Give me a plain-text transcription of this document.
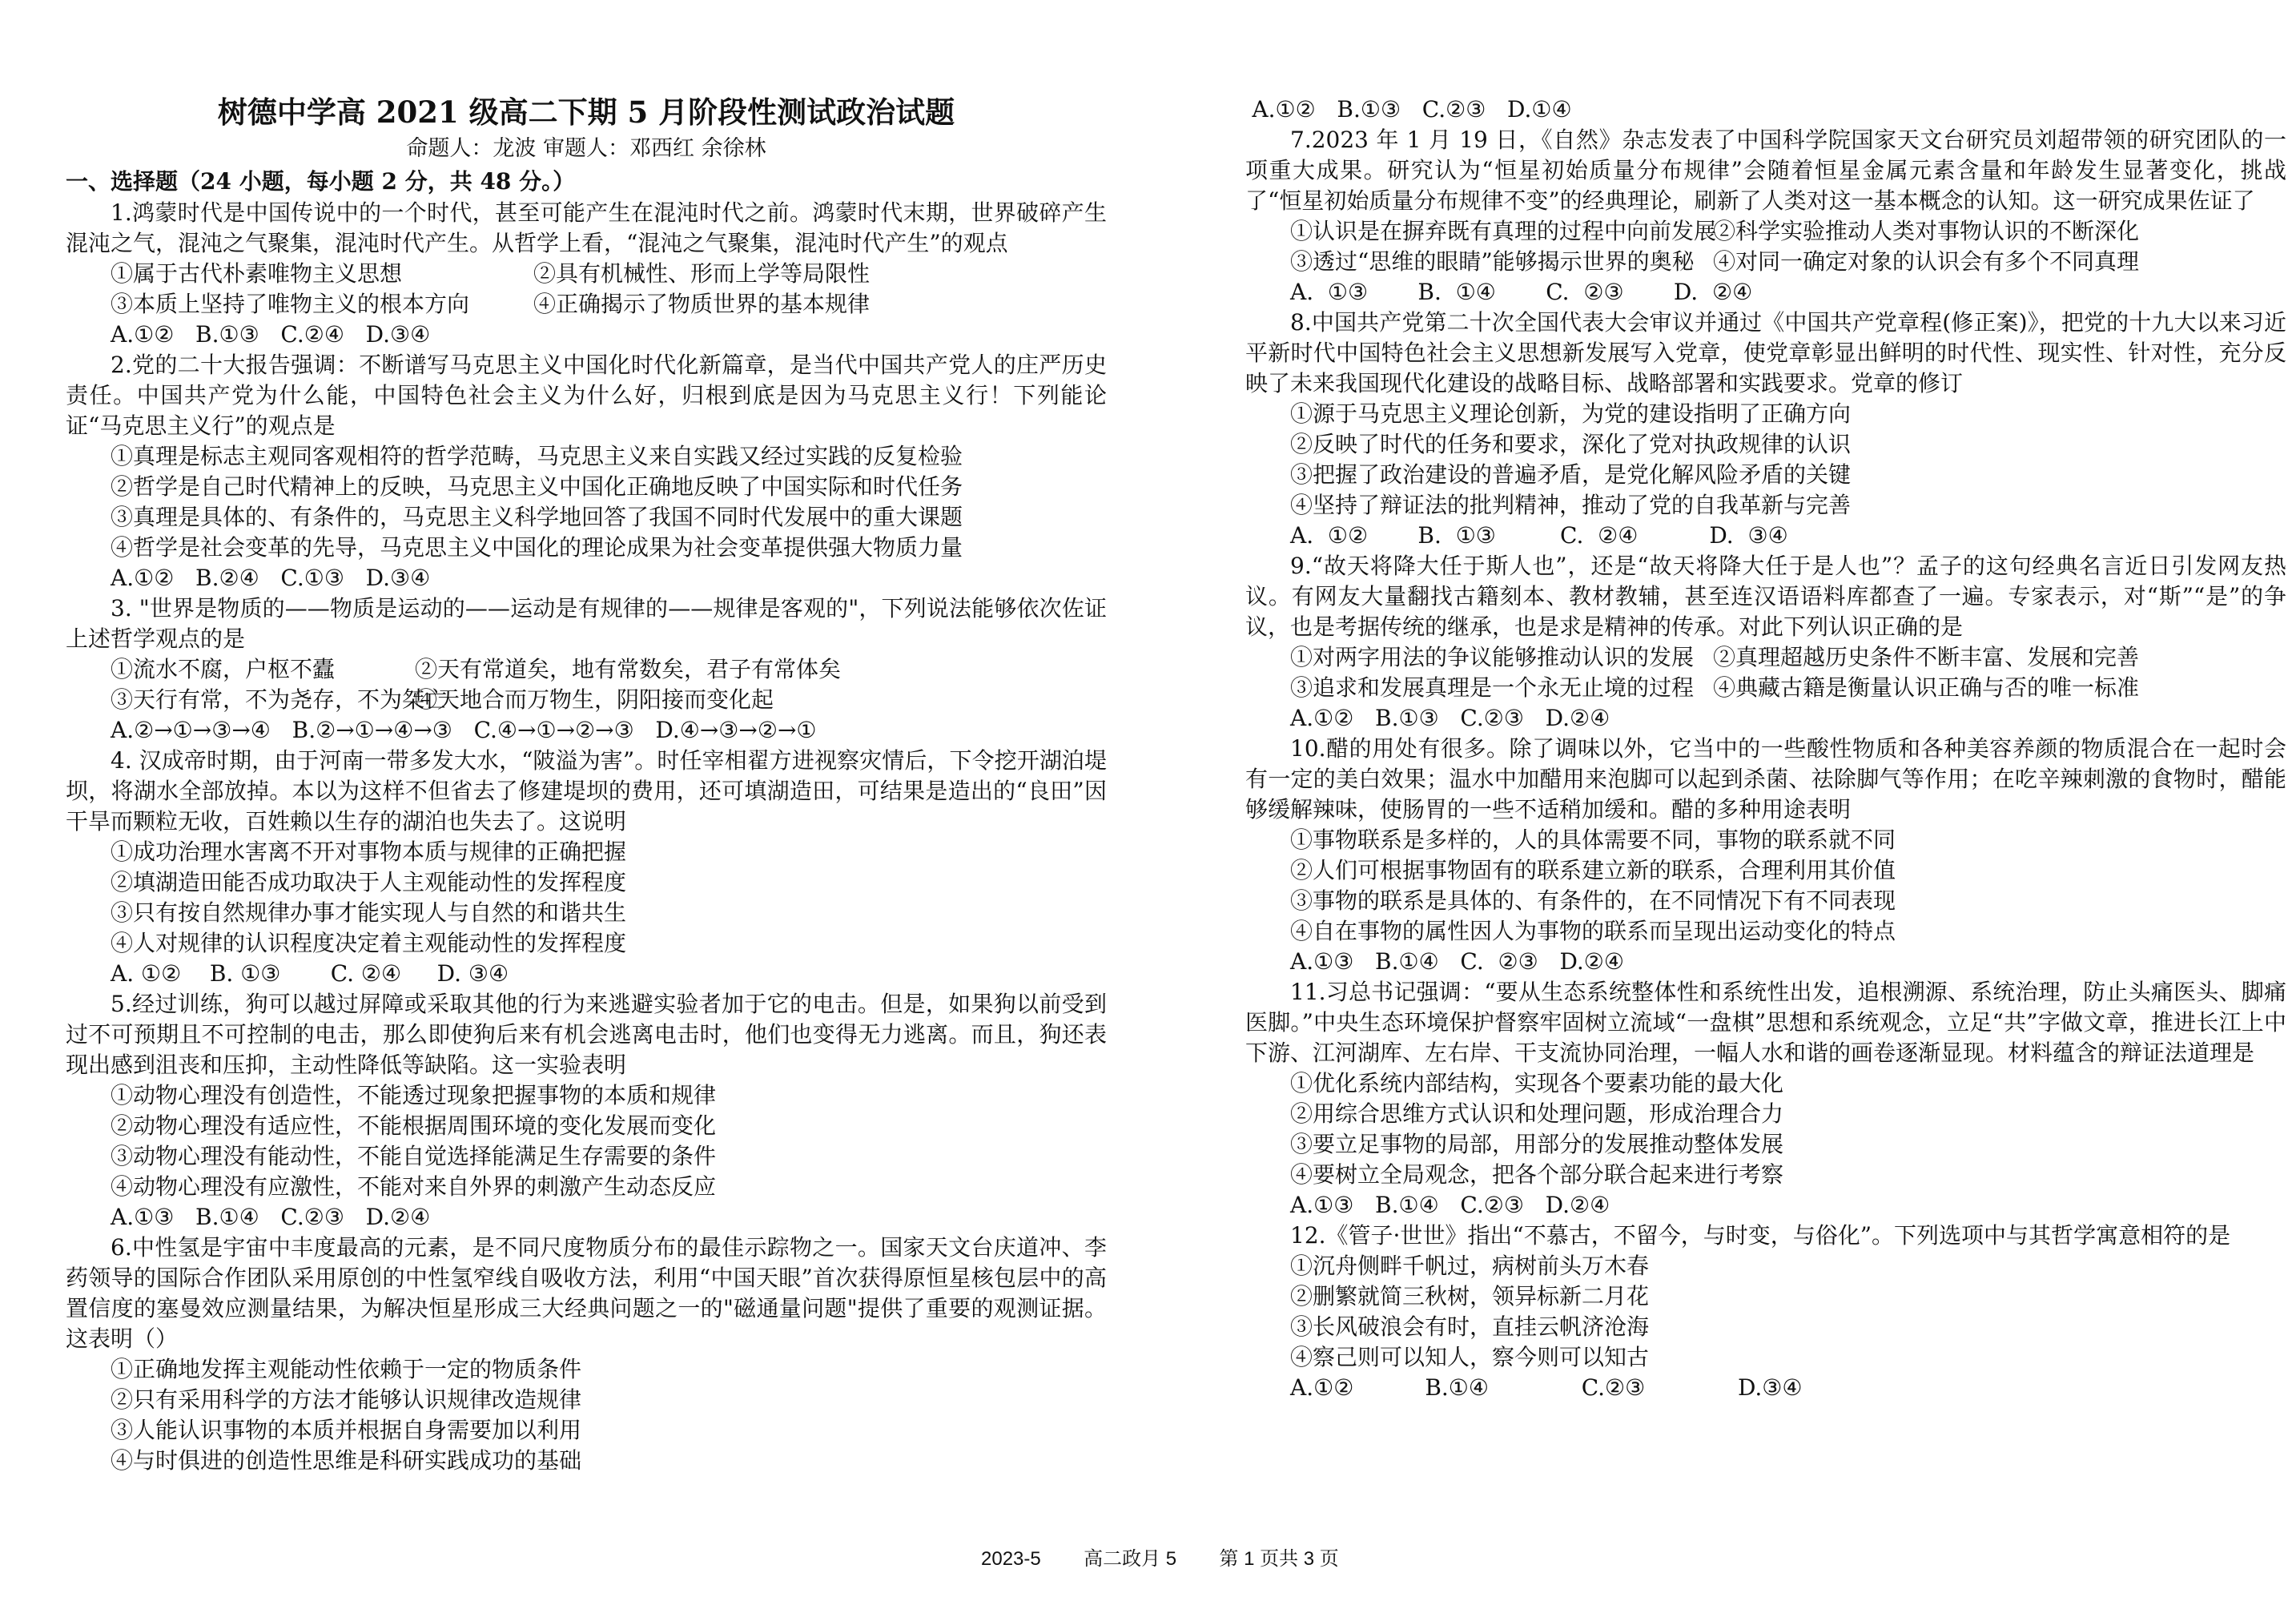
树德中学高 2021 级高二下期 5 月阶段性测试政治试题
命题人：龙波 审题人：邓西红 余徐林
一、选择题（24 小题，每小题 2 分，共 48 分。）

1.鸿蒙时代是中国传说中的一个时代，甚至可能产生在混沌时代之前。鸿蒙时代末期，世界破碎产生混沌之气，混沌之气聚集，混沌时代产生。从哲学上看，“混沌之气聚集，混沌时代产生”的观点

①属于古代朴素唯物主义思想	②具有机械性、形而上学等局限性
③本质上坚持了唯物主义的根本方向	④正确揭示了物质世界的基本规律

A.①②   B.①③   C.②④   D.③④

2.党的二十大报告强调：不断谱写马克思主义中国化时代化新篇章，是当代中国共产党人的庄严历史责任。中国共产党为什么能，中国特色社会主义为什么好，归根到底是因为马克思主义行！下列能论证“马克思主义行”的观点是

①真理是标志主观同客观相符的哲学范畴，马克思主义来自实践又经过实践的反复检验

②哲学是自己时代精神上的反映，马克思主义中国化正确地反映了中国实际和时代任务

③真理是具体的、有条件的，马克思主义科学地回答了我国不同时代发展中的重大课题

④哲学是社会变革的先导，马克思主义中国化的理论成果为社会变革提供强大物质力量

A.①②   B.②④   C.①③   D.③④

3. "世界是物质的——物质是运动的——运动是有规律的——规律是客观的"，下列说法能够依次佐证上述哲学观点的是

①流水不腐，户枢不蠹	②天有常道矣，地有常数矣，君子有常体矣
③天行有常，不为尧存，不为桀亡
④天地合而万物生，阴阳接而变化起

A.②→①→③→④   B.②→①→④→③   C.④→①→②→③   D.④→③→②→①

4. 汉成帝时期，由于河南一带多发大水，“陂溢为害”。时任宰相翟方进视察灾情后，下令挖开湖泊堤坝，将湖水全部放掉。本以为这样不但省去了修建堤坝的费用，还可填湖造田，可结果是造出的“良田”因干旱而颗粒无收，百姓赖以生存的湖泊也失去了。这说明

①成功治理水害离不开对事物本质与规律的正确把握

②填湖造田能否成功取决于人主观能动性的发挥程度

③只有按自然规律办事才能实现人与自然的和谐共生

④人对规律的认识程度决定着主观能动性的发挥程度

A. ①②    B. ①③       C. ②④     D. ③④

5.经过训练，狗可以越过屏障或采取其他的行为来逃避实验者加于它的电击。但是，如果狗以前受到过不可预期且不可控制的电击，那么即使狗后来有机会逃离电击时，他们也变得无力逃离。而且，狗还表现出感到沮丧和压抑，主动性降低等缺陷。这一实验表明

①动物心理没有创造性，不能透过现象把握事物的本质和规律

②动物心理没有适应性，不能根据周围环境的变化发展而变化

③动物心理没有能动性，不能自觉选择能满足生存需要的条件

④动物心理没有应激性，不能对来自外界的刺激产生动态反应

A.①③   B.①④   C.②③   D.②④

6.中性氢是宇宙中丰度最高的元素，是不同尺度物质分布的最佳示踪物之一。国家天文台庆道冲、李药领导的国际合作团队采用原创的中性氢窄线自吸收方法，利用“中国天眼”首次获得原恒星核包层中的高置信度的塞曼效应测量结果，为解决恒星形成三大经典问题之一的"磁通量问题"提供了重要的观测证据。这表明（）

①正确地发挥主观能动性依赖于一定的物质条件

②只有采用科学的方法才能够认识规律改造规律

③人能认识事物的本质并根据自身需要加以利用

④与时俱进的创造性思维是科研实践成功的基础

A.①②   B.①③   C.②③   D.①④

7.2023 年 1 月 19 日，《自然》杂志发表了中国科学院国家天文台研究员刘超带领的研究团队的一项重大成果。研究认为“恒星初始质量分布规律”会随着恒星金属元素含量和年龄发生显著变化，挑战了“恒星初始质量分布规律不变”的经典理论，刷新了人类对这一基本概念的认知。这一研究成果佐证了

①认识是在摒弃既有真理的过程中向前发展
②科学实验推动人类对事物认识的不断深化
③透过“思维的眼睛”能够揭示世界的奥秘 ④对同一确定对象的认识会有多个不同真理

A.  ①③       B.  ①④       C.  ②③       D.  ②④

8.中国共产党第二十次全国代表大会审议并通过《中国共产党章程(修正案)》，把党的十九大以来习近平新时代中国特色社会主义思想新发展写入党章，使党章彰显出鲜明的时代性、现实性、针对性，充分反映了未来我国现代化建设的战略目标、战略部署和实践要求。党章的修订

①源于马克思主义理论创新，为党的建设指明了正确方向

②反映了时代的任务和要求，深化了党对执政规律的认识

③把握了政治建设的普遍矛盾，是党化解风险矛盾的关键

④坚持了辩证法的批判精神，推动了党的自我革新与完善

A.  ①②       B.  ①③         C.  ②④          D.  ③④

9.“故天将降大任于斯人也”，还是“故天将降大任于是人也”？孟子的这句经典名言近日引发网友热议。有网友大量翻找古籍刻本、教材教辅，甚至连汉语语料库都查了一遍。专家表示，对“斯”“是”的争议，也是考据传统的继承，也是求是精神的传承。对此下列认识正确的是

①对两字用法的争议能够推动认识的发展 ②真理超越历史条件不断丰富、发展和完善
③追求和发展真理是一个永无止境的过程 ④典藏古籍是衡量认识正确与否的唯一标准

A.①②   B.①③   C.②③   D.②④

10.醋的用处有很多。除了调味以外，它当中的一些酸性物质和各种美容养颜的物质混合在一起时会有一定的美白效果；温水中加醋用来泡脚可以起到杀菌、祛除脚气等作用；在吃辛辣刺激的食物时，醋能够缓解辣味，使肠胃的一些不适稍加缓和。醋的多种用途表明

①事物联系是多样的，人的具体需要不同，事物的联系就不同

②人们可根据事物固有的联系建立新的联系，合理利用其价值

③事物的联系是具体的、有条件的，在不同情况下有不同表现

④自在事物的属性因人为事物的联系而呈现出运动变化的特点

A.①③   B.①④   C.  ②③   D.②④

11.习总书记强调：“要从生态系统整体性和系统性出发，追根溯源、系统治理，防止头痛医头、脚痛医脚。”中央生态环境保护督察牢固树立流域“一盘棋”思想和系统观念，立足“共”字做文章，推进长江上中下游、江河湖库、左右岸、干支流协同治理，一幅人水和谐的画卷逐渐显现。材料蕴含的辩证法道理是

①优化系统内部结构，实现各个要素功能的最大化

②用综合思维方式认识和处理问题，形成治理合力

③要立足事物的局部，用部分的发展推动整体发展

④要树立全局观念，把各个部分联合起来进行考察

A.①③   B.①④   C.②③   D.②④

12.《管子·世世》指出“不慕古，不留今，与时变，与俗化”。下列选项中与其哲学寓意相符的是

①沉舟侧畔千帆过，病树前头万木春

②删繁就简三秋树，领异标新二月花

③长风破浪会有时，直挂云帆济沧海

④察己则可以知人，察今则可以知古

A.①②          B.①④             C.②③             D.③④

2023-5        高二政月 5        第 1 页共 3 页
